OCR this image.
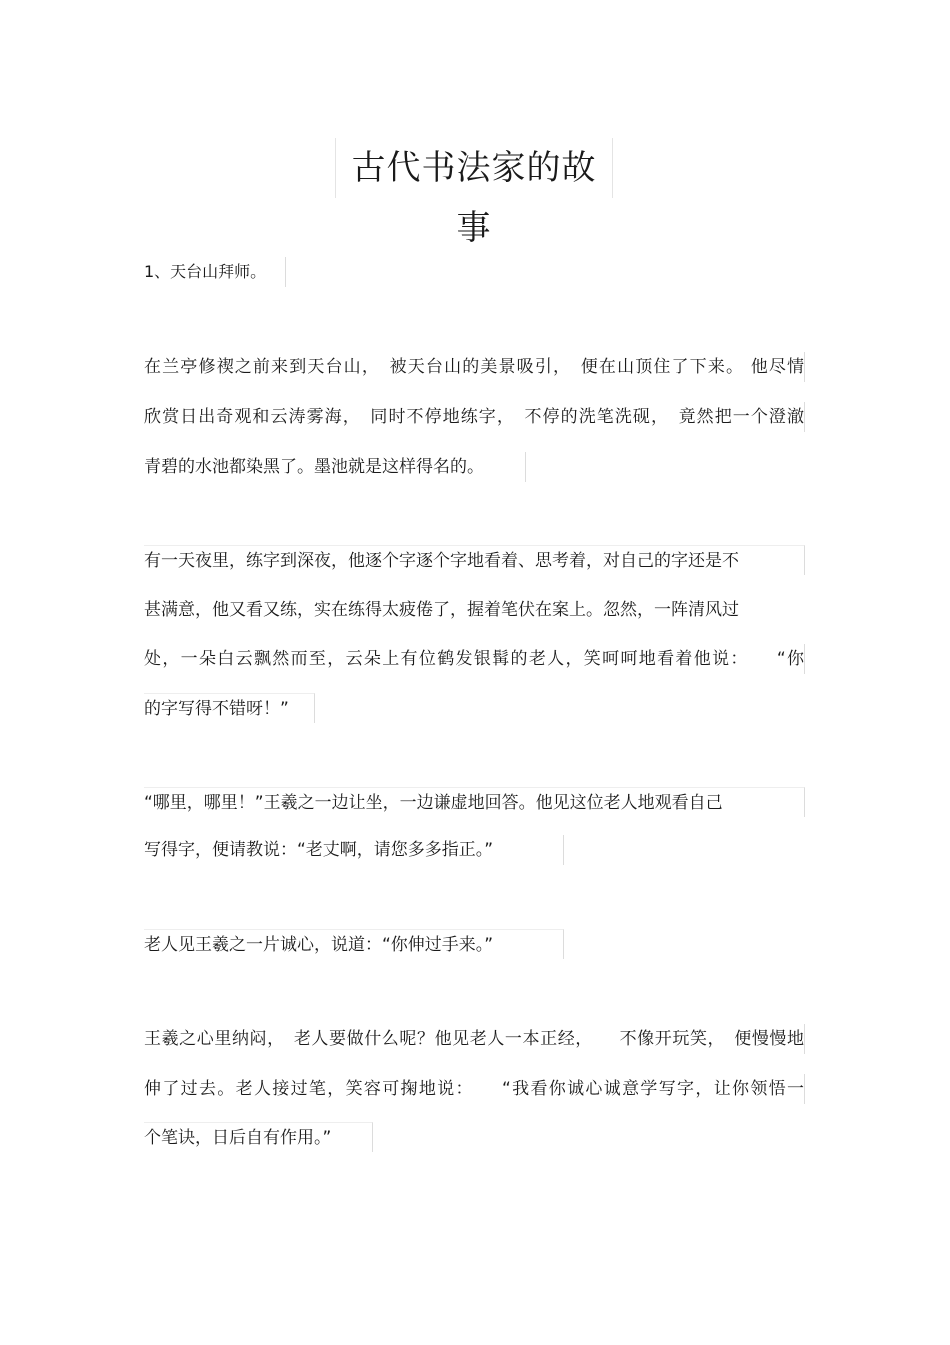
古代书法家的故事
1、天台山拜师。
在兰亭修禊之前来到天台山，　被天台山的美景吸引，　便在山顶住了下来。 他尽情
欣赏日出奇观和云涛雾海，　同时不停地练字，　不停的洗笔洗砚，　竟然把一个澄澈
青碧的水池都染黑了。墨池就是这样得名的。
有一天夜里，练字到深夜，他逐个字逐个字地看着、思考着，对自己的字还是不
甚满意，他又看又练，实在练得太疲倦了，握着笔伏在案上。忽然，一阵清风过
处，一朵白云飘然而至，云朵上有位鹤发银髯的老人，笑呵呵地看着他说：　　“你
的字写得不错呀！”
“哪里，哪里！”王羲之一边让坐，一边谦虚地回答。他见这位老人地观看自己
写得字，便请教说：“老丈啊，请您多多指正。”
老人见王羲之一片诚心，说道：“你伸过手来。”
王羲之心里纳闷，　老人要做什么呢？他见老人一本正经，　　不像开玩笑，　便慢慢地
伸了过去。老人接过笔，笑容可掬地说：　　“我看你诚心诚意学写字，让你领悟一
个笔诀，日后自有作用。”
